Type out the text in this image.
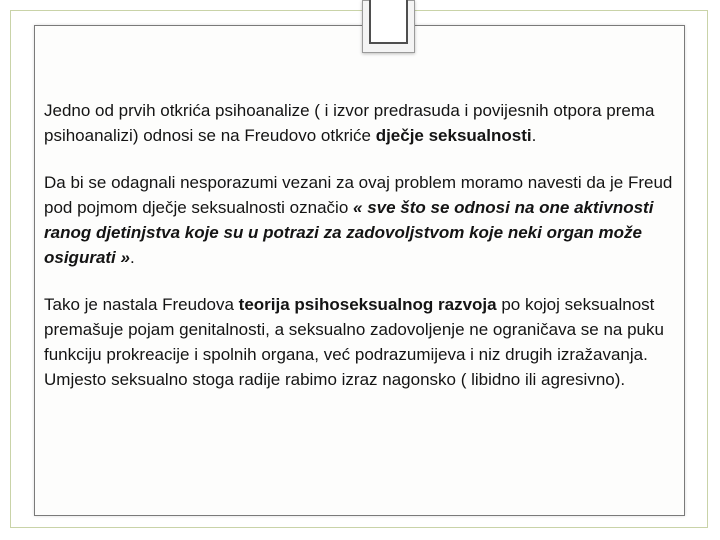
Jedno od prvih otkrića psihoanalize ( i izvor predrasuda i povijesnih otpora prema psihoanalizi) odnosi se na Freudovo otkriće dječje seksualnosti.

Da bi se odagnali nesporazumi vezani za ovaj problem moramo navesti da je Freud pod pojmom dječje seksualnosti označio « sve što se odnosi na one aktivnosti ranog djetinjstva koje su u potrazi za zadovoljstvom koje neki organ može osigurati ».

Tako je nastala Freudova teorija psihoseksualnog razvoja po kojoj seksualnost premašuje pojam genitalnosti, a seksualno zadovoljenje ne ograničava se na puku funkciju prokreacije i spolnih organa, već podrazumijeva i niz drugih izražavanja. Umjesto seksualno stoga radije rabimo izraz nagonsko ( libidno ili agresivno).
